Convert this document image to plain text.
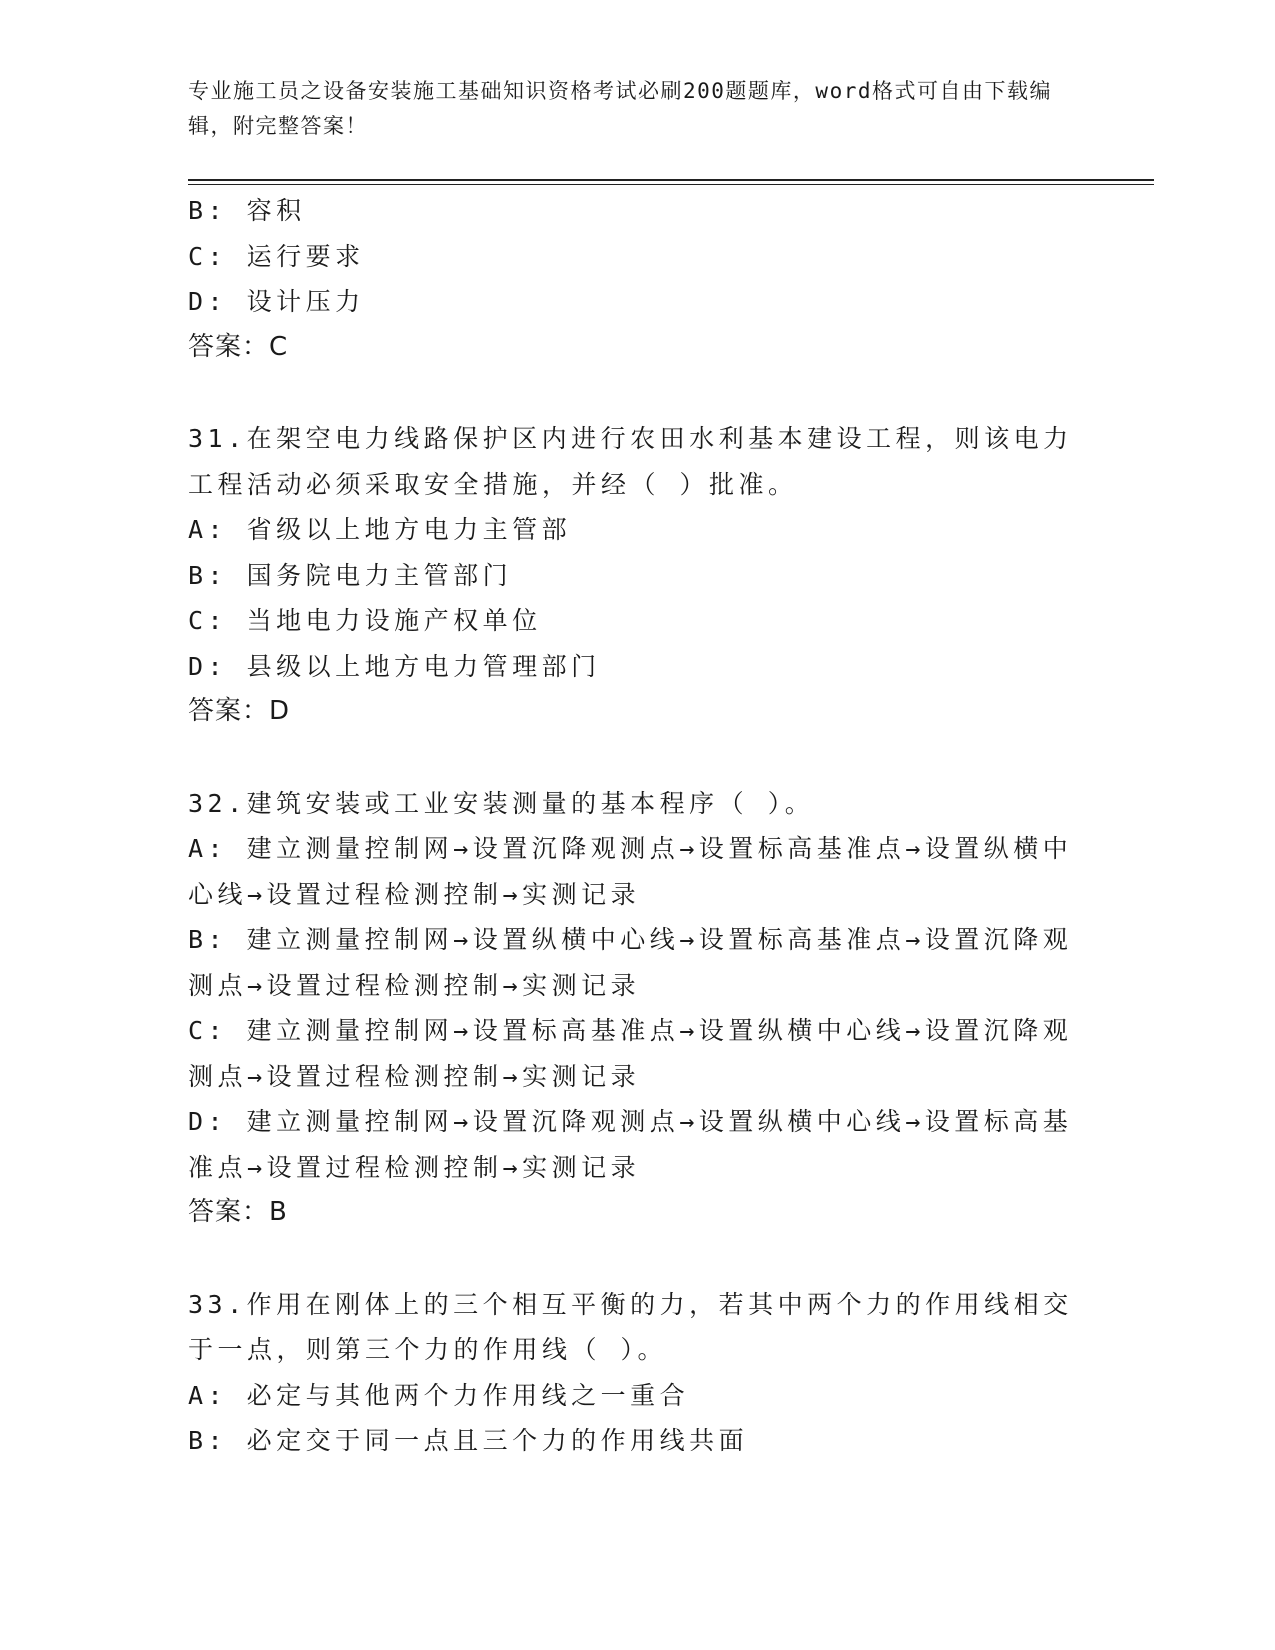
专业施工员之设备安装施工基础知识资格考试必刷200题题库，word格式可自由下载编辑，附完整答案！
B: 容积
C: 运行要求
D: 设计压力
答案：C
31.在架空电力线路保护区内进行农田水利基本建设工程，则该电力工程活动必须采取安全措施，并经（ ）批准。
A: 省级以上地方电力主管部
B: 国务院电力主管部门
C: 当地电力设施产权单位
D: 县级以上地方电力管理部门
答案：D
32.建筑安装或工业安装测量的基本程序（ ）。
A: 建立测量控制网→设置沉降观测点→设置标高基准点→设置纵横中心线→设置过程检测控制→实测记录
B: 建立测量控制网→设置纵横中心线→设置标高基准点→设置沉降观测点→设置过程检测控制→实测记录
C: 建立测量控制网→设置标高基准点→设置纵横中心线→设置沉降观测点→设置过程检测控制→实测记录
D: 建立测量控制网→设置沉降观测点→设置纵横中心线→设置标高基准点→设置过程检测控制→实测记录
答案：B
33.作用在刚体上的三个相互平衡的力，若其中两个力的作用线相交于一点，则第三个力的作用线（ ）。
A: 必定与其他两个力作用线之一重合
B: 必定交于同一点且三个力的作用线共面
